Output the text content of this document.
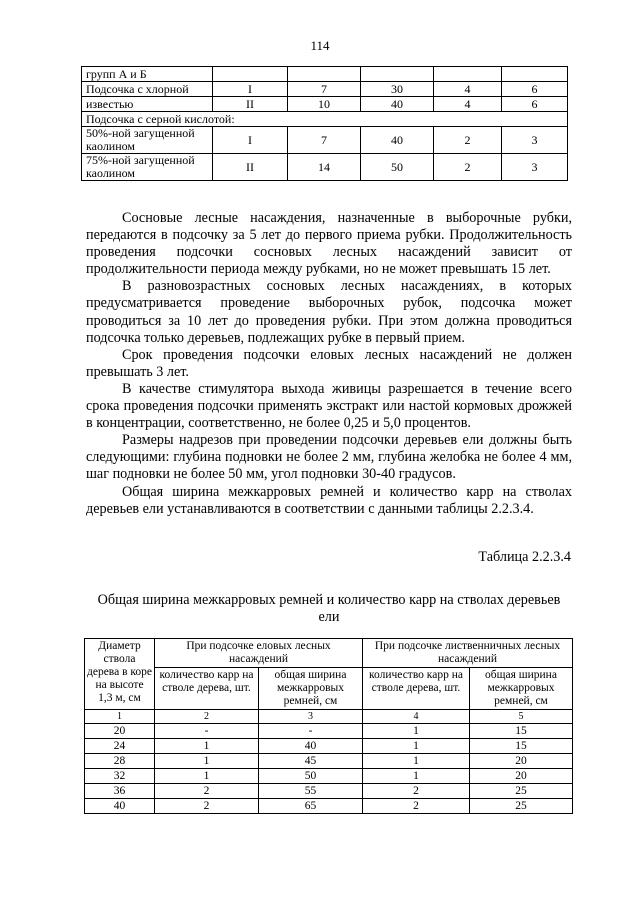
114
групп А и Б					
Подсочка с хлорной	I	7	30	4	6
известью	II	10	40	4	6
Подсочка с серной кислотой:					

50%-ной загущенной
каолином	I	7	40	2	3

75%-ной загущенной
каолином	II	14	50	2	3

Сосновые лесные насаждения, назначенные в выборочные рубки, передаются в подсочку за 5 лет до первого приема рубки. Продолжительность проведения подсочки сосновых лесных насаждений зависит от продолжительности периода между рубками, но не может превышать 15 лет.

В разновозрастных сосновых лесных насаждениях, в которых предусматривается проведение выборочных рубок, подсочка может проводиться за 10 лет до проведения рубки. При этом должна проводиться подсочка только деревьев, подлежащих рубке в первый прием.

Срок проведения подсочки еловых лесных насаждений не должен превышать 3 лет.

В качестве стимулятора выхода живицы разрешается в течение всего срока проведения подсочки применять экстракт или настой кормовых дрожжей в концентрации, соответственно, не более 0,25 и 5,0 процентов.

Размеры надрезов при проведении подсочки деревьев ели должны быть следующими: глубина подновки не более 2 мм, глубина желобка не более 4 мм, шаг подновки не более 50 мм, угол подновки 30-40 градусов.

Общая ширина межкарровых ремней и количество карр на стволах деревьев ели устанавливаются в соответствии с данными таблицы 2.2.3.4.

Таблица 2.2.3.4
Общая ширина межкарровых ремней и количество карр на стволах деревьев ели
Диаметр ствола дерева в коре на высоте 1,3 м, см	При подсочке еловых лесных насаждений		При подсочке лиственничных лесных насаждений	
	количество карр на стволе дерева, шт.	общая ширина межкарровых ремней, см	количество карр на стволе дерева, шт.	общая ширина межкарровых ремней, см
1	2	3	4	5
20	-	-	1	15
24	1	40	1	15
28	1	45	1	20
32	1	50	1	20
36	2	55	2	25
40	2	65	2	25
